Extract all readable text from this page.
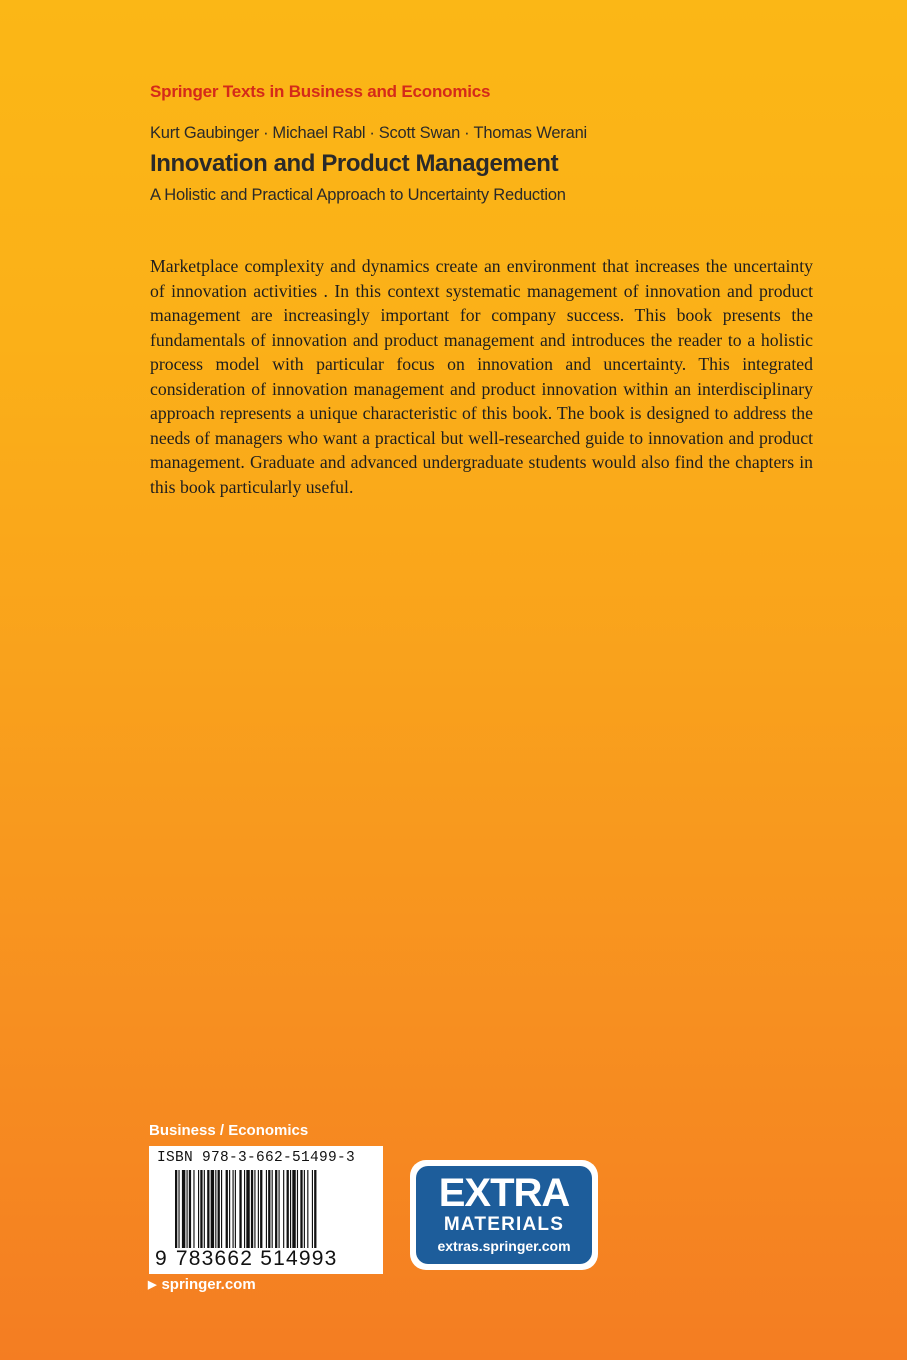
Springer Texts in Business and Economics
Kurt Gaubinger · Michael Rabl · Scott Swan · Thomas Werani
Innovation and Product Management
A Holistic and Practical Approach to Uncertainty Reduction

Marketplace complexity and dynamics create an environment that increases the uncertainty of innovation activities . In this context systematic management of innovation and product management are increasingly important for company success. This book presents the fundamentals of innovation and product management and introduces the reader to a holistic process model with particular focus on innovation and uncertainty. This integrated consideration of innovation management and product innovation within an interdisciplinary approach represents a unique characteristic of this book. The book is designed to address the needs of managers who want a practical but well-researched guide to innovation and product management. Graduate and advanced undergraduate students would also find the chapters in this book particularly useful.

Business / Economics
ISBN 978-3-662-51499-3
9 783662 514993
▶ springer.com
EXTRA
MATERIALS
extras.springer.com
